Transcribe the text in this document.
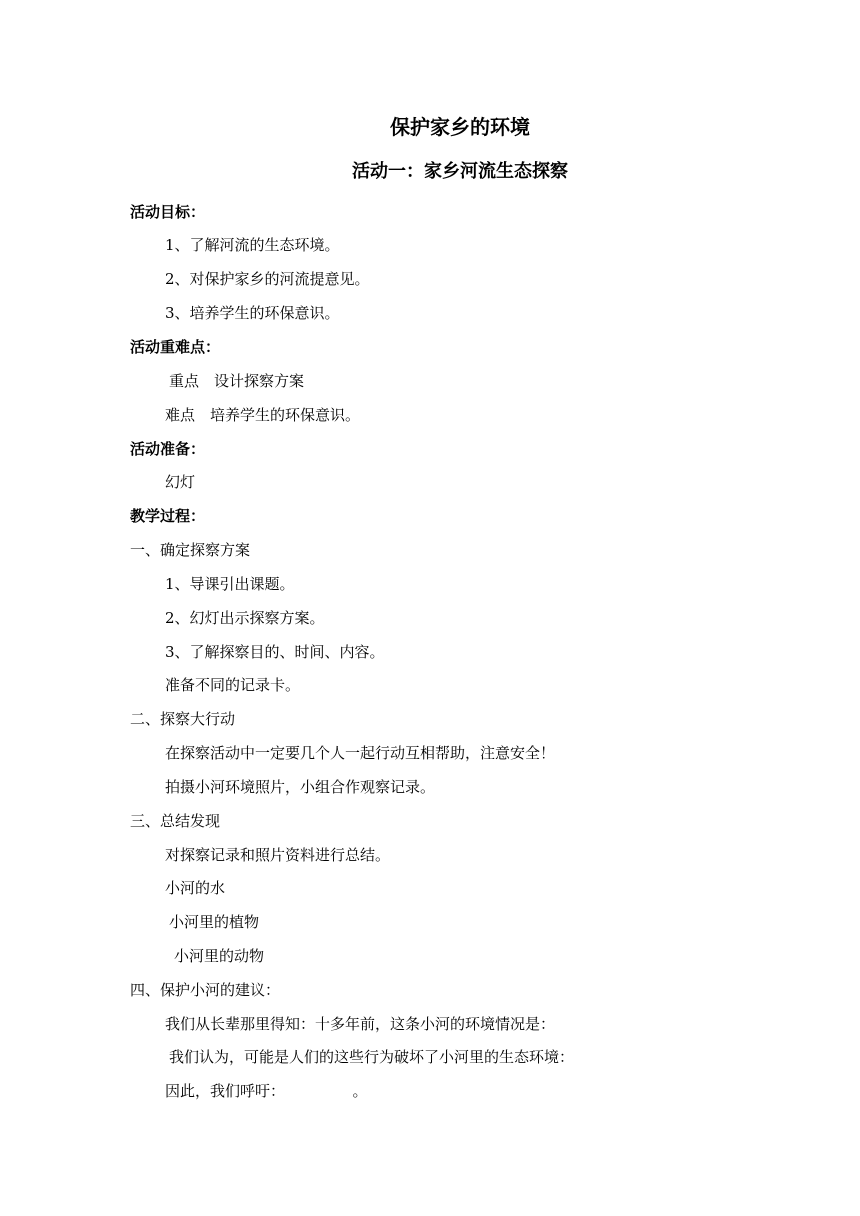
保护家乡的环境
活动一：家乡河流生态探察
活动目标：
1、了解河流的生态环境。
2、对保护家乡的河流提意见。
3、培养学生的环保意识。
活动重难点：
重点　设计探察方案
难点　培养学生的环保意识。
活动准备：
幻灯
教学过程：
一、确定探察方案
1、导课引出课题。
2、幻灯出示探察方案。
3、了解探察目的、时间、内容。
准备不同的记录卡。
二、探察大行动
在探察活动中一定要几个人一起行动互相帮助，注意安全！
拍摄小河环境照片，小组合作观察记录。
三、总结发现
对探察记录和照片资料进行总结。
小河的水
小河里的植物
小河里的动物
四、保护小河的建议：
我们从长辈那里得知：十多年前，这条小河的环境情况是：
我们认为，可能是人们的这些行为破坏了小河里的生态环境：
因此，我们呼吁：　　　　　。
